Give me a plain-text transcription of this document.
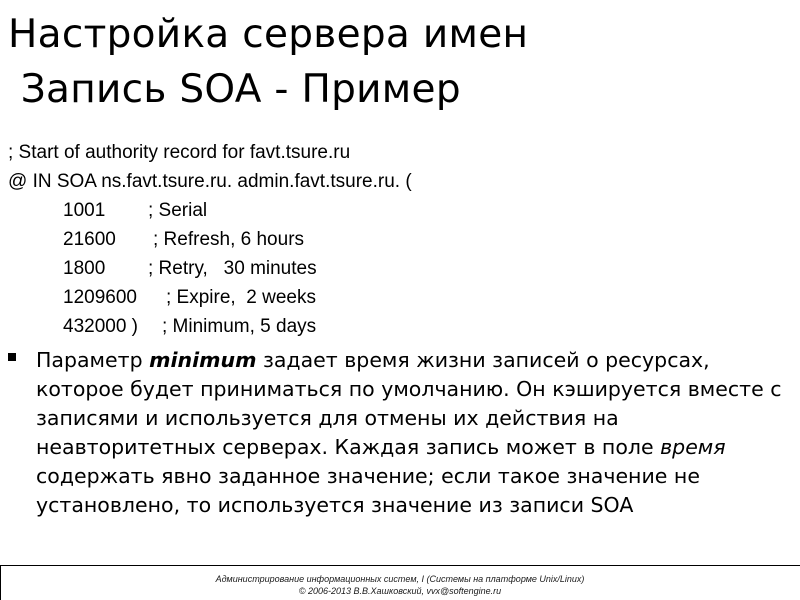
Настройка сервера имен
Запись SOA - Пример
; Start of authority record for favt.tsure.ru
@ IN SOA ns.favt.tsure.ru. admin.favt.tsure.ru. (
1001 ; Serial
21600 ; Refresh, 6 hours
1800 ; Retry,   30 minutes
1209600 ; Expire,  2 weeks
432000 ) ; Minimum, 5 days
Параметр minimum задает время жизни записей о ресурсах, которое будет приниматься по умолчанию. Он кэшируется вместе с записями и используется для отмены их действия на неавторитетных серверах. Каждая запись может в поле время содержать явно заданное значение; если такое значение не установлено, то используется значение из записи SOA
Администрирование информационных систем, I (Системы на платформе Unix/Linux)
© 2006-2013 В.В.Хашковский, vvx@softengine.ru
